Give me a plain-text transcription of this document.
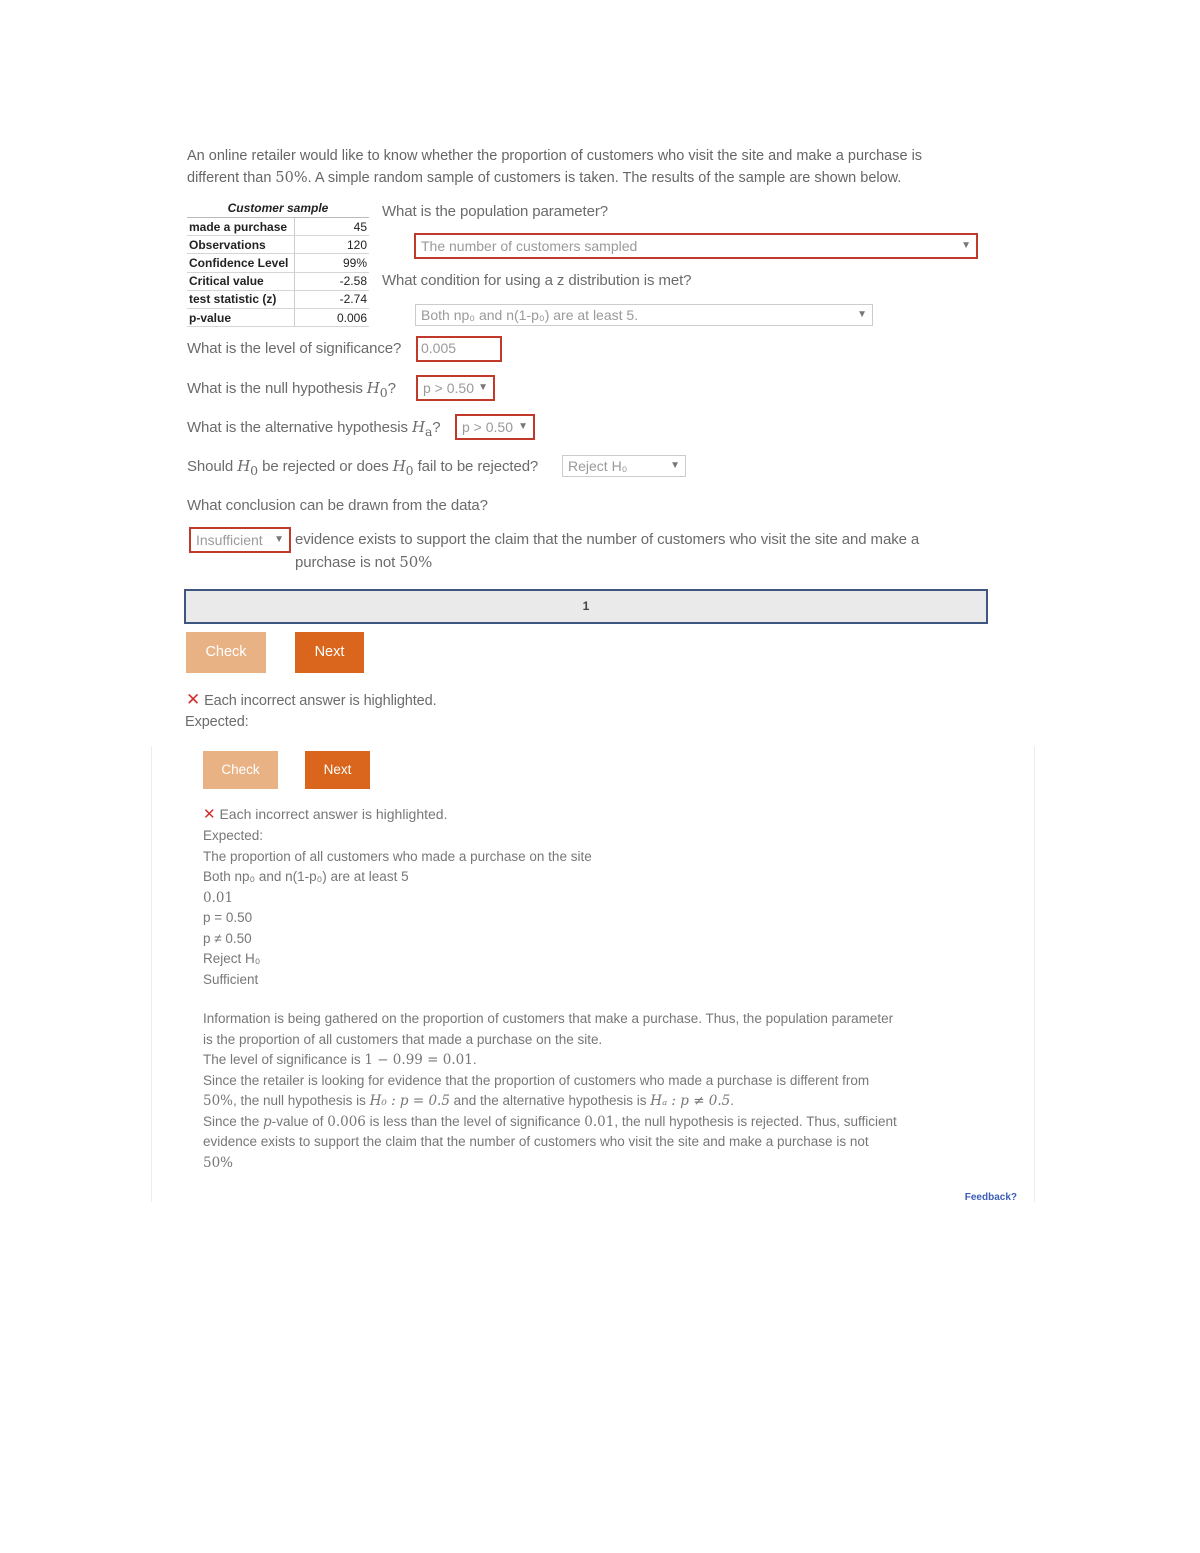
An online retailer would like to know whether the proportion of customers who visit the site and make a purchase is
different than 50%. A simple random sample of customers is taken. The results of the sample are shown below.
Customer sample
made a purchase	45
Observations	120
Confidence Level	99%
Critical value	-2.58
test statistic (z)	-2.74
p-value	0.006
What is the population parameter?
The number of customers sampled	▼
What condition for using a z distribution is met?
Both np₀ and n(1-p₀) are at least 5.	▼
What is the level of significance?	0.005
What is the null hypothesis $H_0$?	p > 0.50 ▼
What is the alternative hypothesis $H_a$?	p > 0.50 ▼
Should $H_0$ be rejected or does $H_0$ fail to be rejected?	Reject H₀	▼
What conclusion can be drawn from the data?
Insufficient ▼ evidence exists to support the claim that the number of customers who visit the site and make a
purchase is not 50%
1
Check	Next
✕ Each incorrect answer is highlighted.
Expected:
Check	Next
✕ Each incorrect answer is highlighted.
Expected:
The proportion of all customers who made a purchase on the site
Both np₀ and n(1-p₀) are at least 5
0.01
p = 0.50
p ≠ 0.50
Reject H₀
Sufficient
Information is being gathered on the proportion of customers that make a purchase. Thus, the population parameter
is the proportion of all customers that made a purchase on the site.
The level of significance is 1 − 0.99 = 0.01.
Since the retailer is looking for evidence that the proportion of customers who made a purchase is different from
50%, the null hypothesis is H₀ : p = 0.5 and the alternative hypothesis is Hₐ : p ≠ 0.5.
Since the p-value of 0.006 is less than the level of significance 0.01, the null hypothesis is rejected. Thus, sufficient
evidence exists to support the claim that the number of customers who visit the site and make a purchase is not
50%
Feedback?
